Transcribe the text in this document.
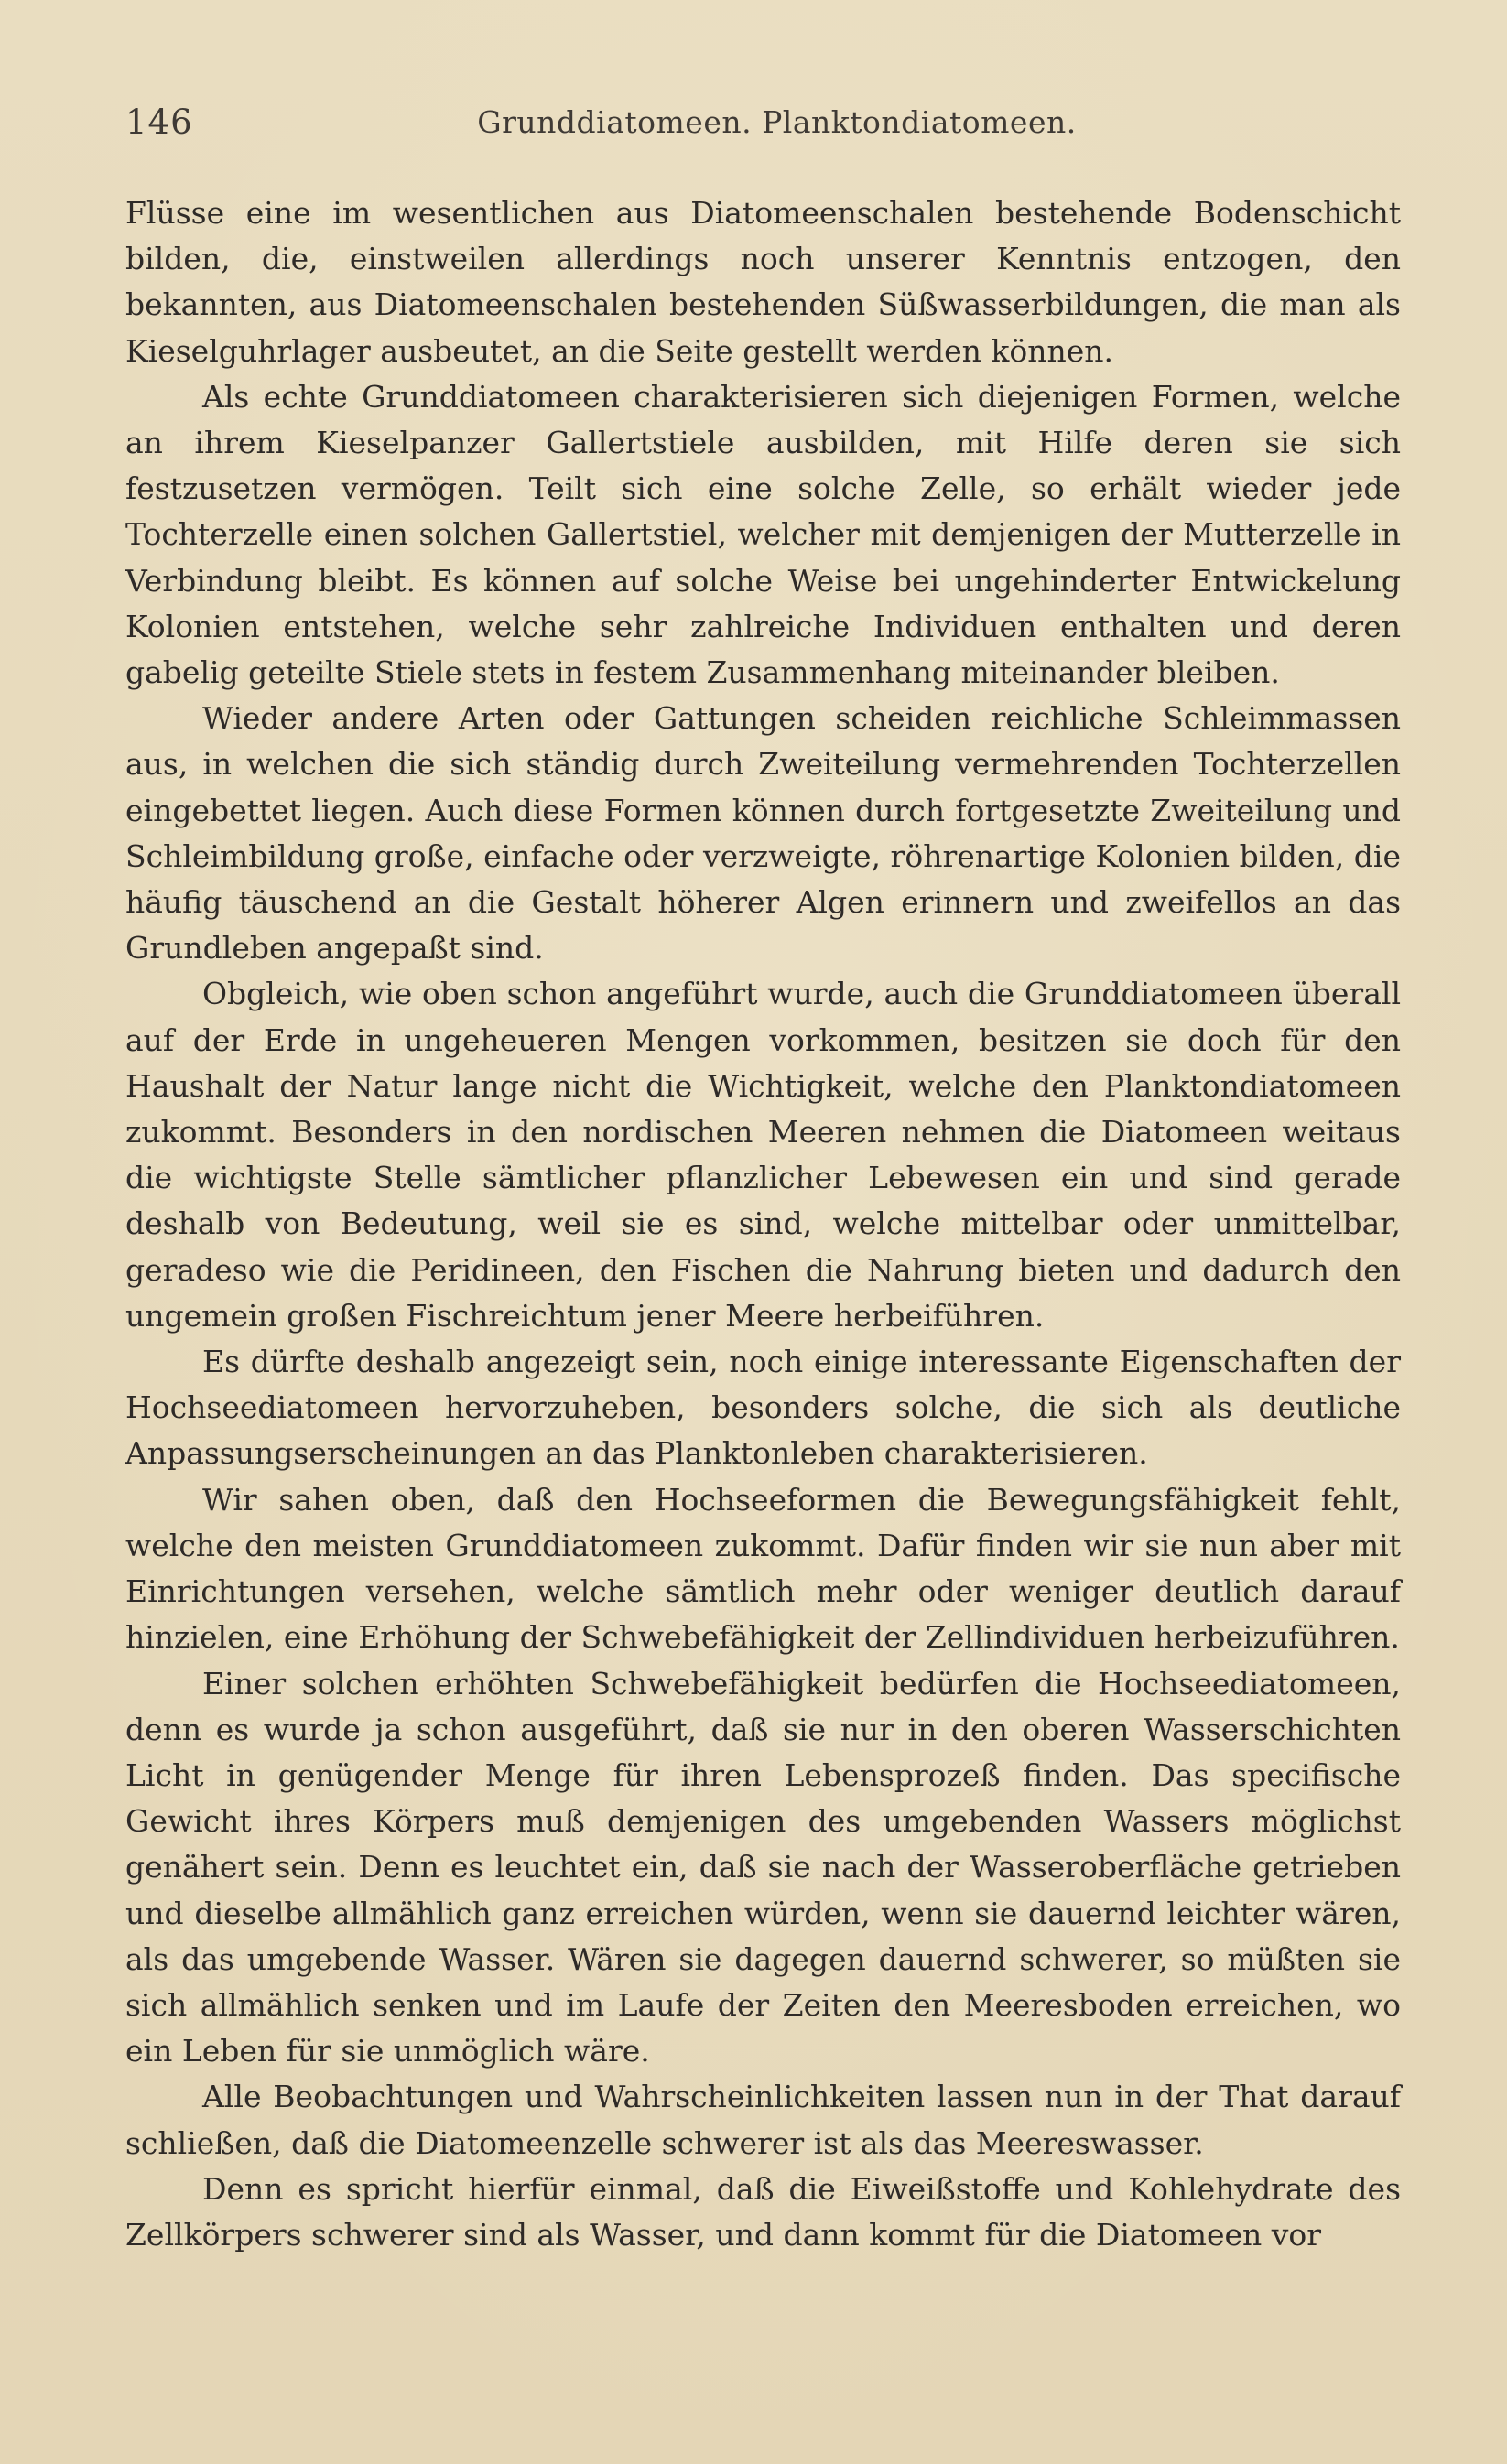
146	Grunddiatomeen. Planktondiatomeen.

Flüsse eine im wesentlichen aus Diatomeenschalen bestehende Bodenschicht bilden, die, einstweilen allerdings noch unserer Kenntnis entzogen, den bekannten, aus Diatomeenschalen bestehenden Süßwasserbildungen, die man als Kieselguhrlager ausbeutet, an die Seite gestellt werden können.

Als echte Grunddiatomeen charakterisieren sich diejenigen Formen, welche an ihrem Kieselpanzer Gallertstiele ausbilden, mit Hilfe deren sie sich festzusetzen vermögen. Teilt sich eine solche Zelle, so erhält wieder jede Tochterzelle einen solchen Gallertstiel, welcher mit demjenigen der Mutterzelle in Verbindung bleibt. Es können auf solche Weise bei ungehinderter Entwickelung Kolonien entstehen, welche sehr zahlreiche Individuen enthalten und deren gabelig geteilte Stiele stets in festem Zusammenhang miteinander bleiben.

Wieder andere Arten oder Gattungen scheiden reichliche Schleimmassen aus, in welchen die sich ständig durch Zweiteilung vermehrenden Tochterzellen eingebettet liegen. Auch diese Formen können durch fortgesetzte Zweiteilung und Schleimbildung große, einfache oder verzweigte, röhrenartige Kolonien bilden, die häufig täuschend an die Gestalt höherer Algen erinnern und zweifellos an das Grundleben angepaßt sind.

Obgleich, wie oben schon angeführt wurde, auch die Grunddiatomeen überall auf der Erde in ungeheueren Mengen vorkommen, besitzen sie doch für den Haushalt der Natur lange nicht die Wichtigkeit, welche den Planktondiatomeen zukommt. Besonders in den nordischen Meeren nehmen die Diatomeen weitaus die wichtigste Stelle sämtlicher pflanzlicher Lebewesen ein und sind gerade deshalb von Bedeutung, weil sie es sind, welche mittelbar oder unmittelbar, geradeso wie die Peridineen, den Fischen die Nahrung bieten und dadurch den ungemein großen Fischreichtum jener Meere herbeiführen.

Es dürfte deshalb angezeigt sein, noch einige interessante Eigenschaften der Hochseediatomeen hervorzuheben, besonders solche, die sich als deutliche Anpassungserscheinungen an das Planktonleben charakterisieren.

Wir sahen oben, daß den Hochseeformen die Bewegungsfähigkeit fehlt, welche den meisten Grunddiatomeen zukommt. Dafür finden wir sie nun aber mit Einrichtungen versehen, welche sämtlich mehr oder weniger deutlich darauf hinzielen, eine Erhöhung der Schwebefähigkeit der Zellindividuen herbeizuführen.

Einer solchen erhöhten Schwebefähigkeit bedürfen die Hochseediatomeen, denn es wurde ja schon ausgeführt, daß sie nur in den oberen Wasserschichten Licht in genügender Menge für ihren Lebensprozeß finden. Das specifische Gewicht ihres Körpers muß demjenigen des umgebenden Wassers möglichst genähert sein. Denn es leuchtet ein, daß sie nach der Wasseroberfläche getrieben und dieselbe allmählich ganz erreichen würden, wenn sie dauernd leichter wären, als das umgebende Wasser. Wären sie dagegen dauernd schwerer, so müßten sie sich allmählich senken und im Laufe der Zeiten den Meeresboden erreichen, wo ein Leben für sie unmöglich wäre.

Alle Beobachtungen und Wahrscheinlichkeiten lassen nun in der That darauf schließen, daß die Diatomeenzelle schwerer ist als das Meereswasser.

Denn es spricht hierfür einmal, daß die Eiweißstoffe und Kohlehydrate des Zellkörpers schwerer sind als Wasser, und dann kommt für die Diatomeen vor
